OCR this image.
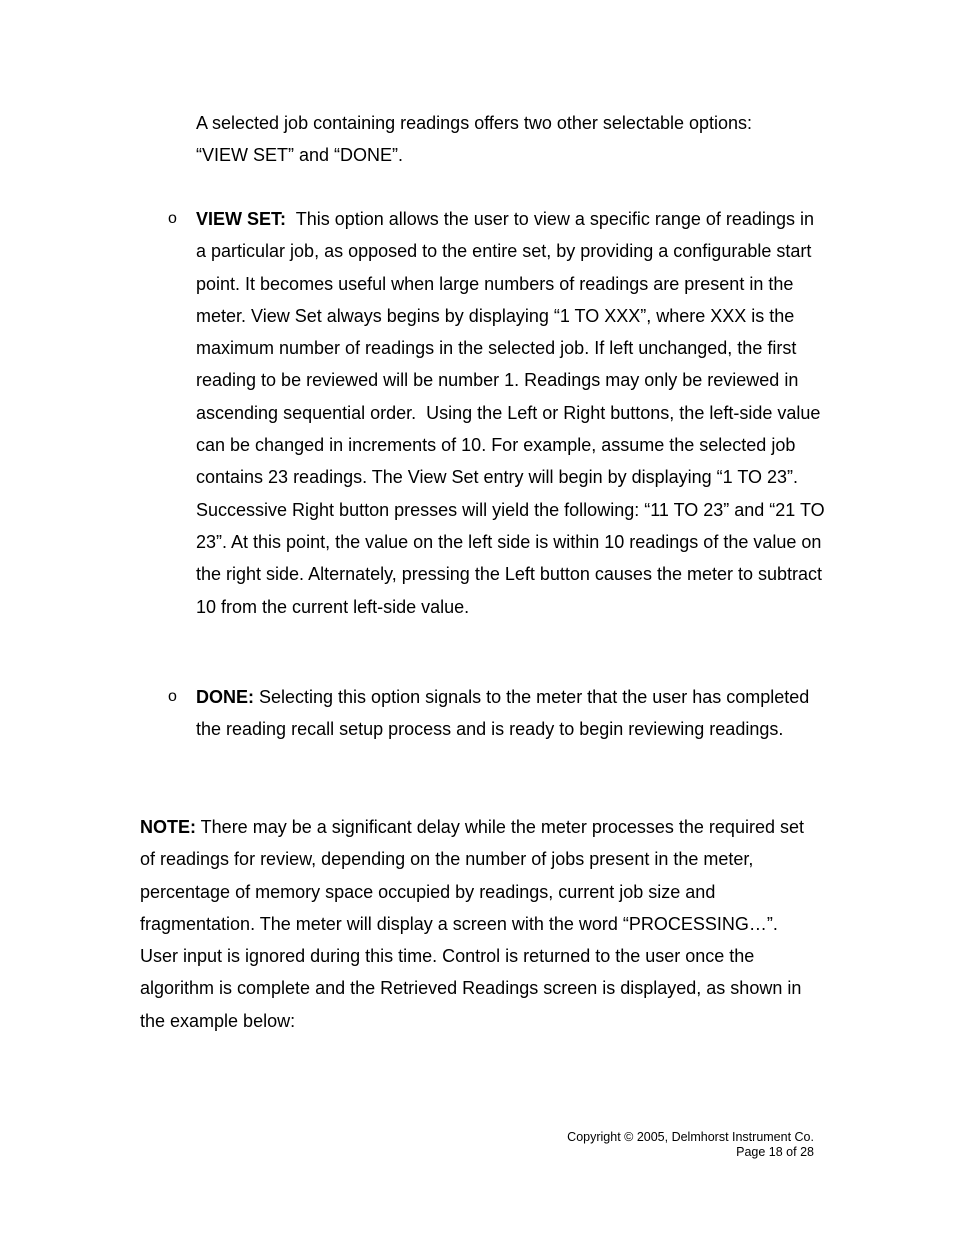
A selected job containing readings offers two other selectable options: “VIEW SET” and “DONE”.

o	VIEW SET:  This option allows the user to view a specific range of readings in a particular job, as opposed to the entire set, by providing a configurable start point. It becomes useful when large numbers of readings are present in the meter. View Set always begins by displaying “1 TO XXX”, where XXX is the maximum number of readings in the selected job. If left unchanged, the first reading to be reviewed will be number 1. Readings may only be reviewed in ascending sequential order.  Using the Left or Right buttons, the left-side value can be changed in increments of 10. For example, assume the selected job contains 23 readings. The View Set entry will begin by displaying “1 TO 23”. Successive Right button presses will yield the following: “11 TO 23” and “21 TO 23”. At this point, the value on the left side is within 10 readings of the value on the right side. Alternately, pressing the Left button causes the meter to subtract 10 from the current left-side value.

o	DONE: Selecting this option signals to the meter that the user has completed the reading recall setup process and is ready to begin reviewing readings.

NOTE: There may be a significant delay while the meter processes the required set of readings for review, depending on the number of jobs present in the meter, percentage of memory space occupied by readings, current job size and fragmentation. The meter will display a screen with the word “PROCESSING…”. User input is ignored during this time. Control is returned to the user once the algorithm is complete and the Retrieved Readings screen is displayed, as shown in the example below:

Copyright © 2005, Delmhorst Instrument Co.
Page 18 of 28
